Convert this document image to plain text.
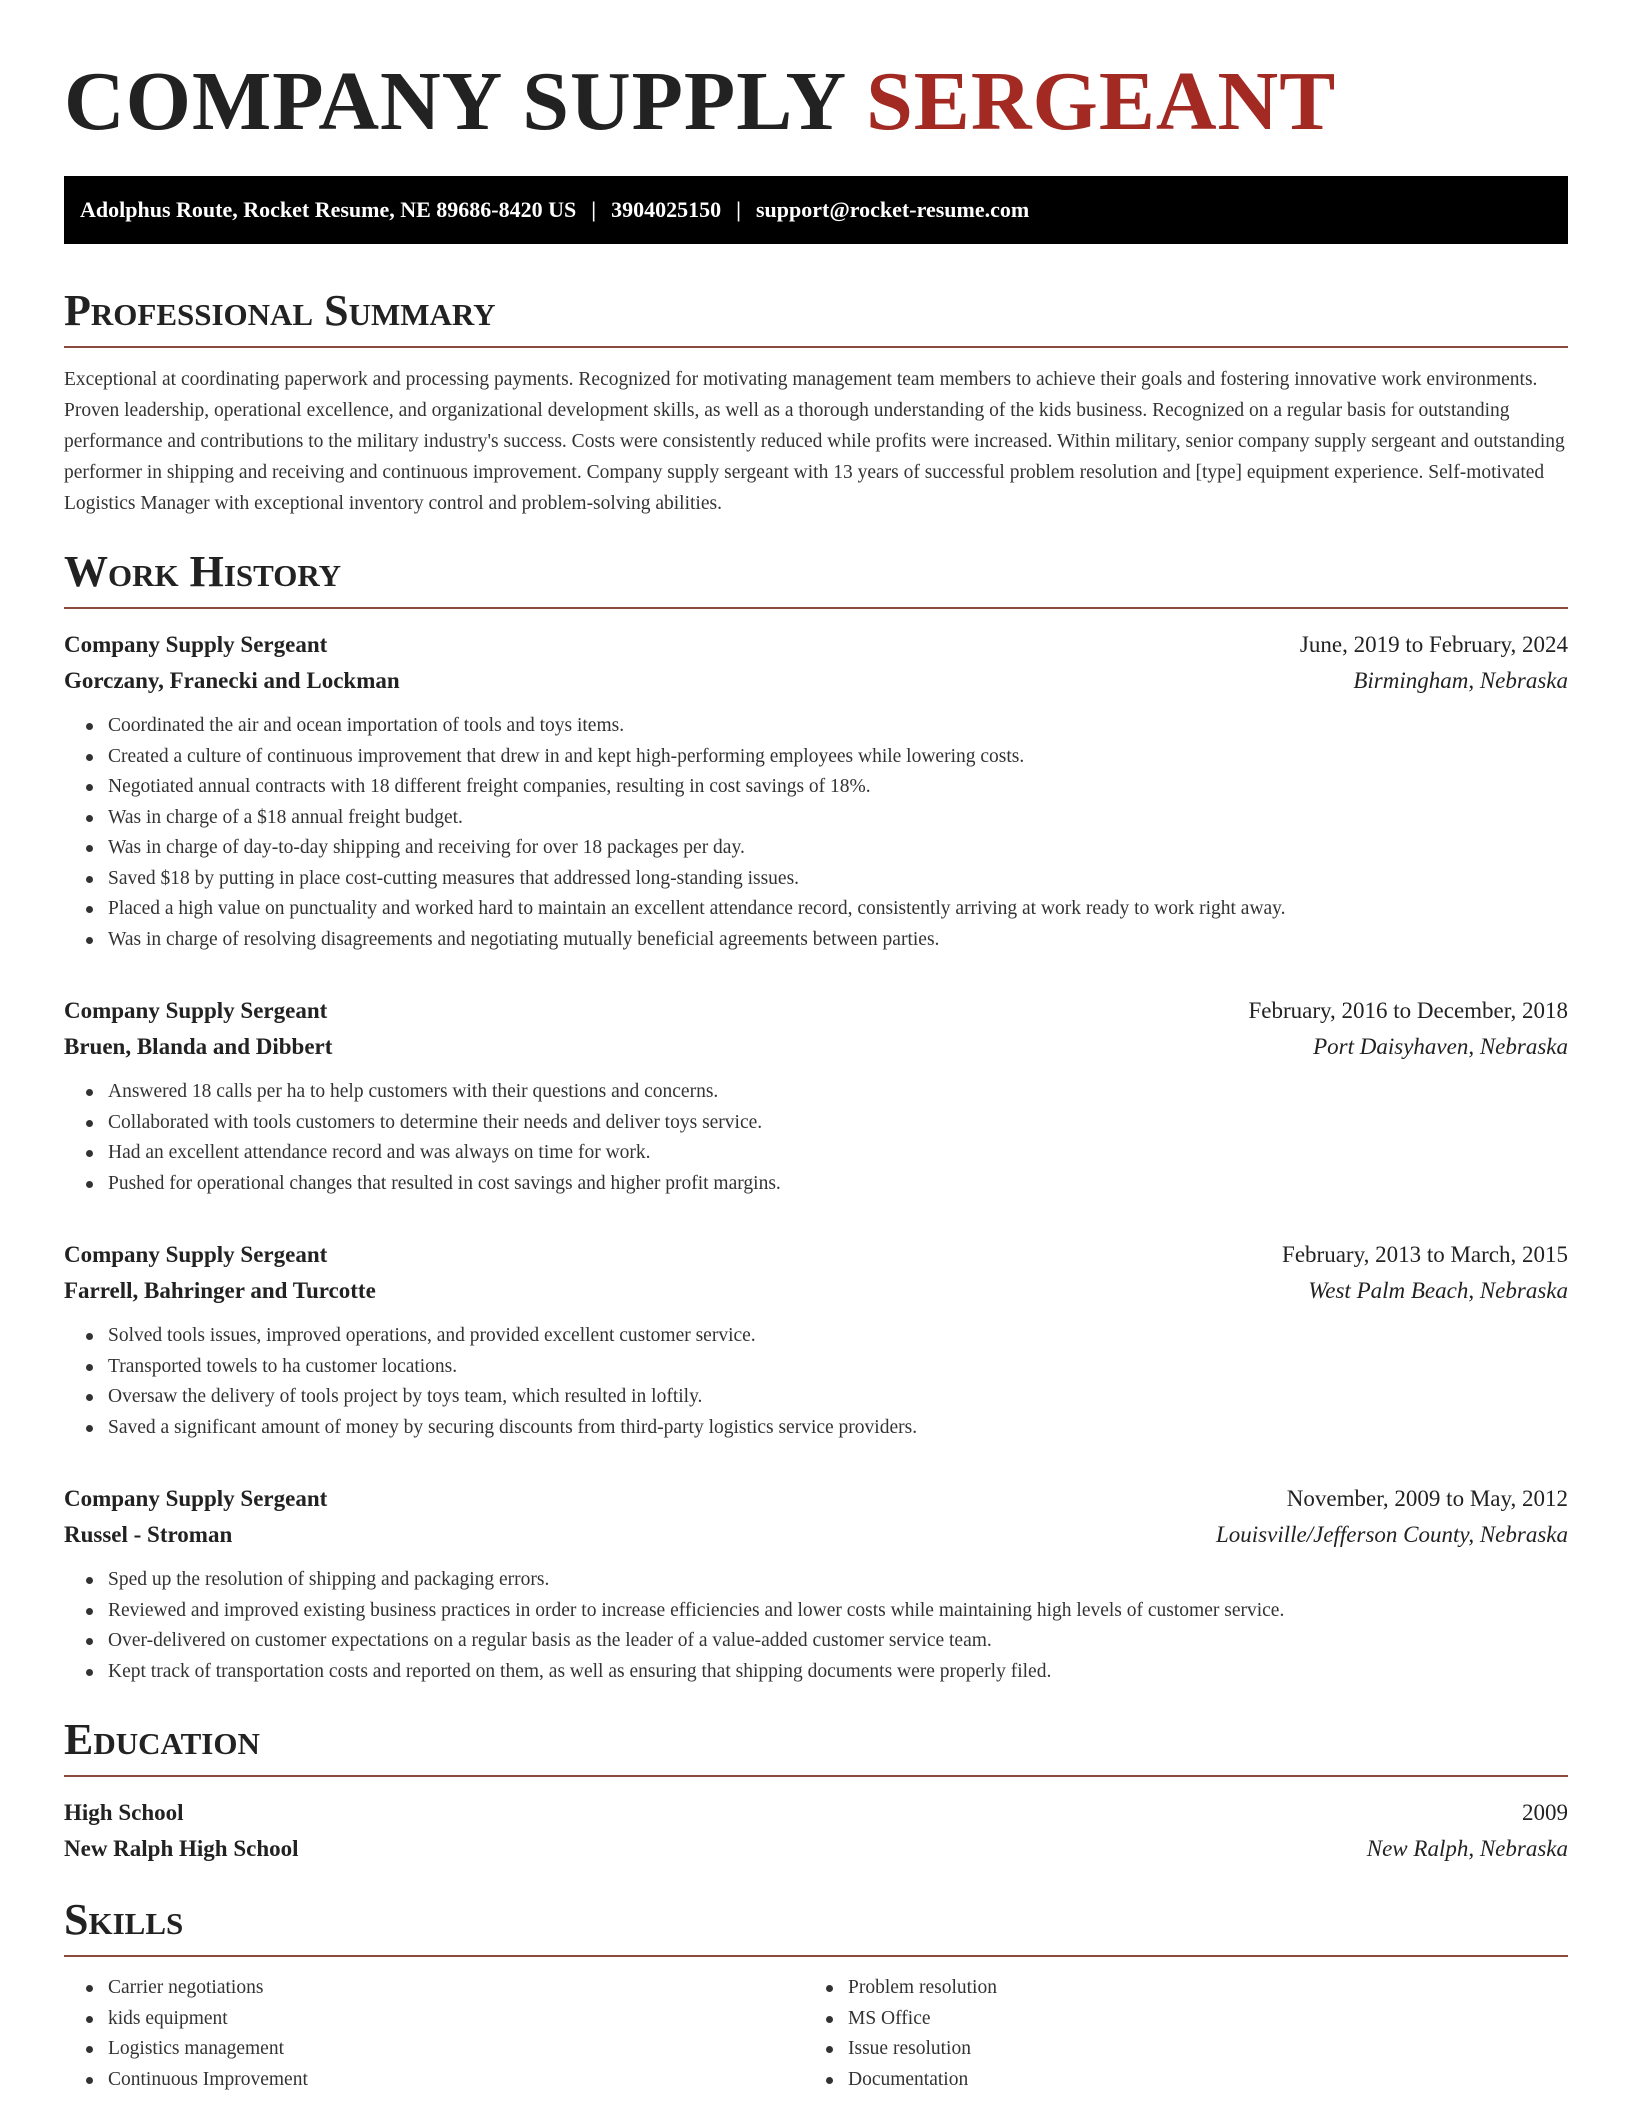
COMPANY SUPPLY SERGEANT
Adolphus Route, Rocket Resume, NE 89686-8420 US | 3904025150 | support@rocket-resume.com
Professional Summary

Exceptional at coordinating paperwork and processing payments. Recognized for motivating management team members to achieve their goals and fostering innovative work environments. Proven leadership, operational excellence, and organizational development skills, as well as a thorough understanding of the kids business. Recognized on a regular basis for outstanding performance and contributions to the military industry's success. Costs were consistently reduced while profits were increased. Within military, senior company supply sergeant and outstanding performer in shipping and receiving and continuous improvement. Company supply sergeant with 13 years of successful problem resolution and [type] equipment experience. Self-motivated Logistics Manager with exceptional inventory control and problem-solving abilities.

Work History
Company Supply Sergeant	June, 2019 to February, 2024
Gorczany, Franecki and Lockman	Birmingham, Nebraska
Coordinated the air and ocean importation of tools and toys items.
Created a culture of continuous improvement that drew in and kept high-performing employees while lowering costs.
Negotiated annual contracts with 18 different freight companies, resulting in cost savings of 18%.
Was in charge of a $18 annual freight budget.
Was in charge of day-to-day shipping and receiving for over 18 packages per day.
Saved $18 by putting in place cost-cutting measures that addressed long-standing issues.
Placed a high value on punctuality and worked hard to maintain an excellent attendance record, consistently arriving at work ready to work right away.
Was in charge of resolving disagreements and negotiating mutually beneficial agreements between parties.
Company Supply Sergeant	February, 2016 to December, 2018
Bruen, Blanda and Dibbert	Port Daisyhaven, Nebraska
Answered 18 calls per ha to help customers with their questions and concerns.
Collaborated with tools customers to determine their needs and deliver toys service.
Had an excellent attendance record and was always on time for work.
Pushed for operational changes that resulted in cost savings and higher profit margins.
Company Supply Sergeant	February, 2013 to March, 2015
Farrell, Bahringer and Turcotte	West Palm Beach, Nebraska
Solved tools issues, improved operations, and provided excellent customer service.
Transported towels to ha customer locations.
Oversaw the delivery of tools project by toys team, which resulted in loftily.
Saved a significant amount of money by securing discounts from third-party logistics service providers.
Company Supply Sergeant	November, 2009 to May, 2012
Russel - Stroman	Louisville/Jefferson County, Nebraska
Sped up the resolution of shipping and packaging errors.
Reviewed and improved existing business practices in order to increase efficiencies and lower costs while maintaining high levels of customer service.
Over-delivered on customer expectations on a regular basis as the leader of a value-added customer service team.
Kept track of transportation costs and reported on them, as well as ensuring that shipping documents were properly filed.
Education
High School	2009
New Ralph High School	New Ralph, Nebraska
Skills
Carrier negotiations
kids equipment
Logistics management
Continuous Improvement
Problem resolution
MS Office
Issue resolution
Documentation
